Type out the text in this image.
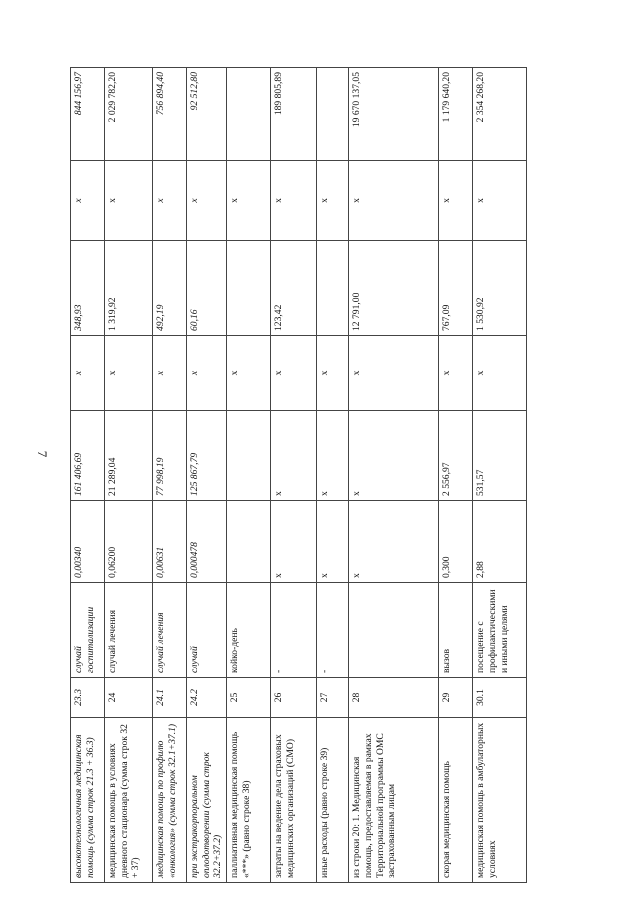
7
высокотехнологичная медицинская помощь (сумма строк 21.3 + 36.3)	23.3	случай госпитализации	0,00340	161 406,69	x	348,93	x	844 156,97
медицинская помощь в условиях дневного стационара (сумма строк 32 + 37)	24	случай лечения	0,06200	21 289,04	x	1 319,92	x	2 029 782,20
медицинская помощь по профилю «онкология» (сумма строк 32.1+37.1)	24.1	случай лечения	0,00631	77 998,19	x	492,19	x	756 894,40
при экстракорпоральном оплодотворении (сумма строк 32.2+37.2)	24.2	случай	0,000478	125 867,79	x	60,16	x	92 512,80
паллиативная медицинская помощь «***» (равно строке 38)	25	койко-день			x		x	
затраты на ведение дела страховых медицинских организаций (СМО)	26	-	x	x	x	123,42	x	189 805,89
иные расходы (равно строке 39)	27	-	x	x	x		x	
из строки 20: 1. Медицинская помощь, предоставляемая в рамках Территориальной программы ОМС застрахованным лицам	28		x	x	x	12 791,00	x	19 670 137,05
скорая медицинская помощь	29	вызов	0,300	2 556,97	x	767,09	x	1 179 640,20
медицинская помощь в амбулаторных условиях	30.1	посещение с профилактическими и иными целями	2,88	531,57	x	1 530,92	x	2 354 268,20
